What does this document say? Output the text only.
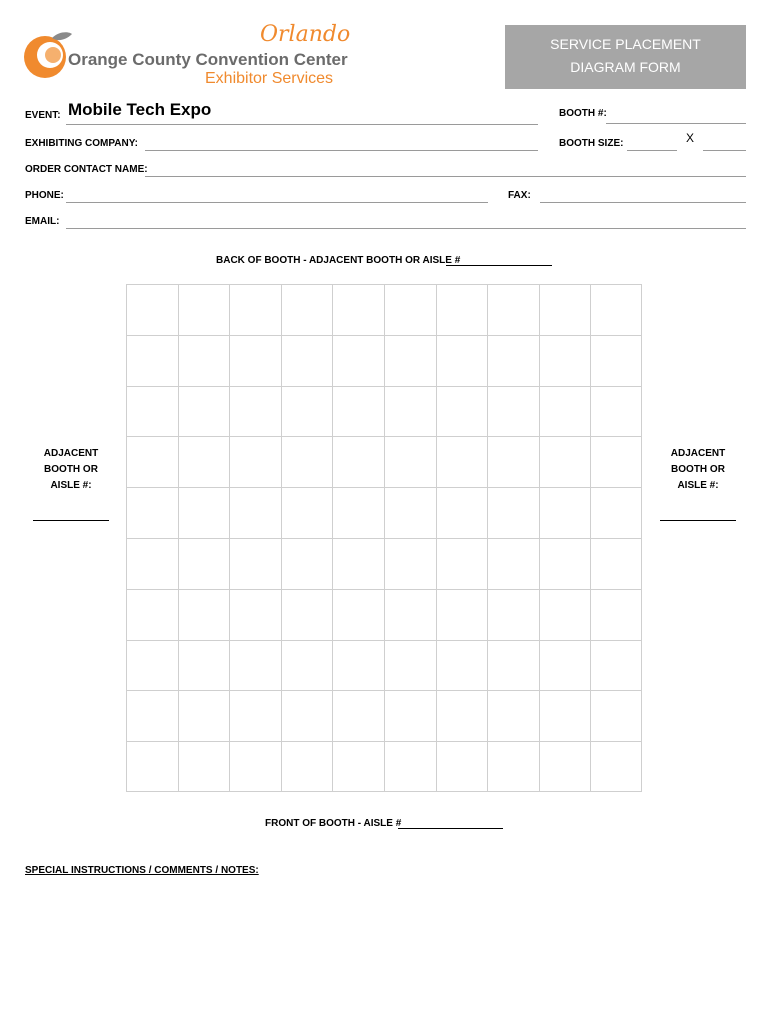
Orlando
Orange County Convention Center
Exhibitor Services
SERVICE PLACEMENT
DIAGRAM FORM
EVENT: Mobile Tech Expo	BOOTH #:
EXHIBITING COMPANY:	BOOTH SIZE:	X
ORDER CONTACT NAME:
PHONE:	FAX:
EMAIL:
BACK OF BOOTH - ADJACENT BOOTH OR AISLE #
ADJACENT
BOOTH OR
AISLE #:
ADJACENT
BOOTH OR
AISLE #:
FRONT OF BOOTH - AISLE #
SPECIAL INSTRUCTIONS / COMMENTS / NOTES:
